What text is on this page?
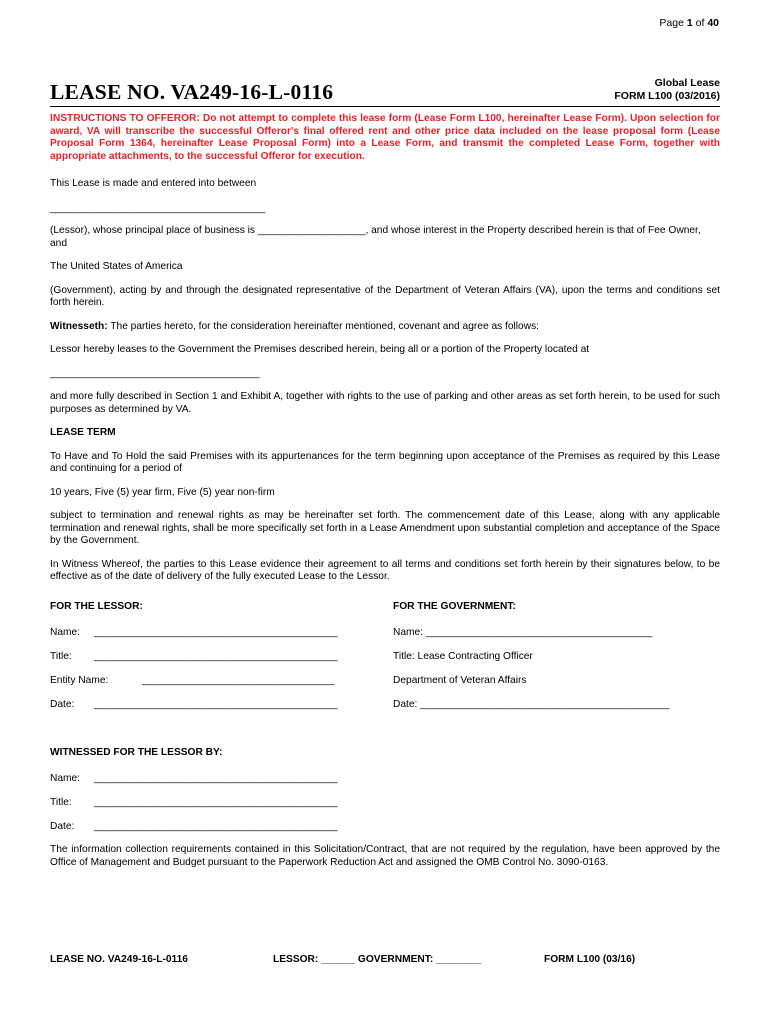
Page 1 of 40
LEASE NO. VA249-16-L-0116	Global Lease
FORM L100 (03/2016)

INSTRUCTIONS TO OFFEROR: Do not attempt to complete this lease form (Lease Form L100, hereinafter Lease Form). Upon selection for award, VA will transcribe the successful Offeror's final offered rent and other price data included on the lease proposal form (Lease Proposal Form 1364, hereinafter Lease Proposal Form) into a Lease Form, and transmit the completed Lease Form, together with appropriate attachments, to the successful Offeror for execution.

This Lease is made and entered into between

______________________________________

(Lessor), whose principal place of business is ___________________, and whose interest in the Property described herein is that of Fee Owner, and

The United States of America

(Government), acting by and through the designated representative of the Department of Veteran Affairs (VA), upon the terms and conditions set forth herein.

Witnesseth: The parties hereto, for the consideration hereinafter mentioned, covenant and agree as follows:

Lessor hereby leases to the Government the Premises described herein, being all or a portion of the Property located at

_____________________________________

and more fully described in Section 1 and Exhibit A, together with rights to the use of parking and other areas as set forth herein, to be used for such purposes as determined by VA.

LEASE TERM

To Have and To Hold the said Premises with its appurtenances for the term beginning upon acceptance of the Premises as required by this Lease and continuing for a period of

10 years, Five (5) year firm, Five (5) year non-firm

subject to termination and renewal rights as may be hereinafter set forth. The commencement date of this Lease, along with any applicable termination and renewal rights, shall be more specifically set forth in a Lease Amendment upon substantial completion and acceptance of the Space by the Government.

In Witness Whereof, the parties to this Lease evidence their agreement to all terms and conditions set forth herein by their signatures below, to be effective as of the date of delivery of the fully executed Lease to the Lessor.

FOR THE LESSOR:
Name: ___________________________________________
Title: ___________________________________________
Entity Name:	__________________________________
Date: ___________________________________________
FOR THE GOVERNMENT:
Name: ________________________________________
Title: Lease Contracting Officer
Department of Veteran Affairs
Date: ____________________________________________
WITNESSED FOR THE LESSOR BY:
Name: ___________________________________________
Title: ___________________________________________
Date: ___________________________________________
The information collection requirements contained in this Solicitation/Contract, that are not required by the regulation, have been approved by the Office of Management and Budget pursuant to the Paperwork Reduction Act and assigned the OMB Control No. 3090-0163.
LEASE NO. VA249-16-L-0116	LESSOR: ______ GOVERNMENT: ________	FORM L100 (03/16)
